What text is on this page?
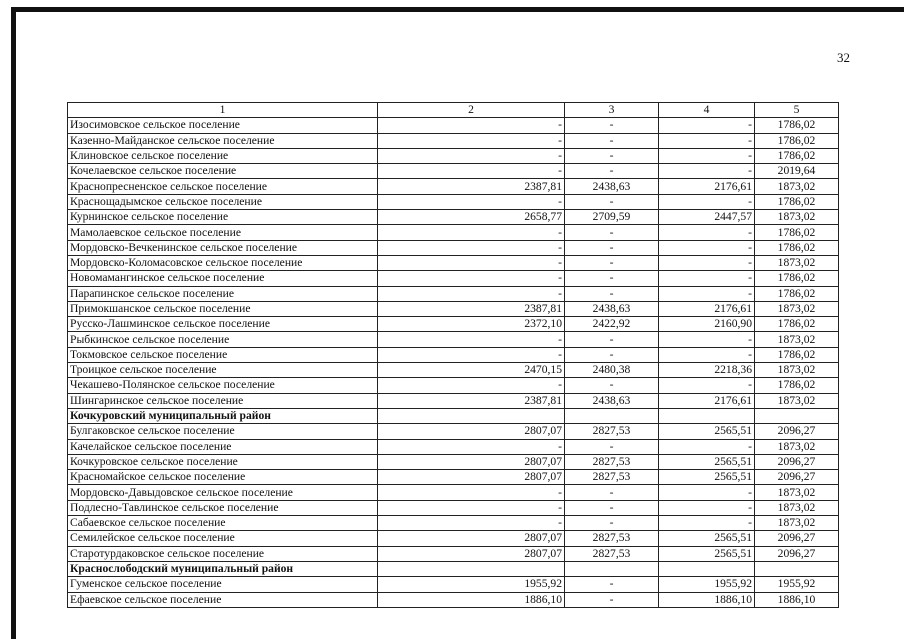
32
1	2	3	4	5
Изосимовское сельское поселение	-	-	-	1786,02
Казенно-Майданское сельское поселение	-	-	-	1786,02
Клиновское сельское поселение	-	-	-	1786,02
Кочелаевское сельское поселение	-	-	-	2019,64
Краснопресненское сельское поселение	2387,81	2438,63	2176,61	1873,02
Краснощадымское сельское поселение	-	-	-	1786,02
Курнинское сельское поселение	2658,77	2709,59	2447,57	1873,02
Мамолаевское сельское поселение	-	-	-	1786,02
Мордовско-Вечкенинское сельское поселение	-	-	-	1786,02
Мордовско-Коломасовское сельское поселение	-	-	-	1873,02
Новомамангинское сельское поселение	-	-	-	1786,02
Парапинское сельское поселение	-	-	-	1786,02
Примокшанское сельское поселение	2387,81	2438,63	2176,61	1873,02
Русско-Лашминское сельское поселение	2372,10	2422,92	2160,90	1786,02
Рыбкинское сельское поселение	-	-	-	1873,02
Токмовское сельское поселение	-	-	-	1786,02
Троицкое сельское поселение	2470,15	2480,38	2218,36	1873,02
Чекашево-Полянское сельское поселение	-	-	-	1786,02
Шингаринское сельское поселение	2387,81	2438,63	2176,61	1873,02
Кочкуровский муниципальный район				
Булгаковское сельское поселение	2807,07	2827,53	2565,51	2096,27
Качелайское сельское поселение	-	-	-	1873,02
Кочкуровское сельское поселение	2807,07	2827,53	2565,51	2096,27
Красномайское сельское поселение	2807,07	2827,53	2565,51	2096,27
Мордовско-Давыдовское сельское поселение	-	-	-	1873,02
Подлесно-Тавлинское сельское поселение	-	-	-	1873,02
Сабаевское сельское поселение	-	-	-	1873,02
Семилейское сельское поселение	2807,07	2827,53	2565,51	2096,27
Старотурдаковское сельское поселение	2807,07	2827,53	2565,51	2096,27
Краснослободский муниципальный район				
Гуменское сельское поселение	1955,92	-	1955,92	1955,92
Ефаевское сельское поселение	1886,10	-	1886,10	1886,10
